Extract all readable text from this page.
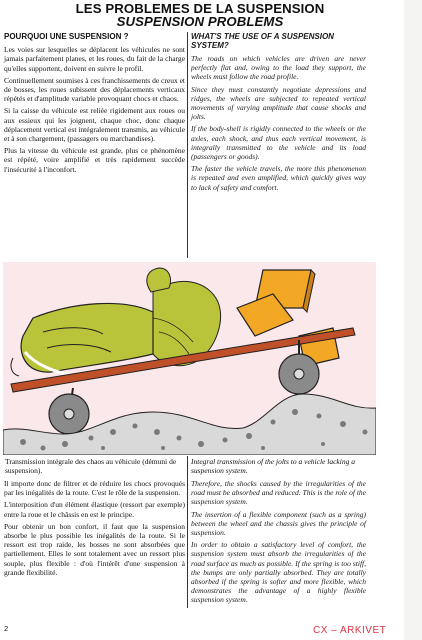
LES PROBLEMES DE LA SUSPENSION
SUSPENSION PROBLEMS
POURQUOI UNE SUSPENSION ?

Les voies sur lesquelles se déplacent les véhicules ne sont jamais parfaitement planes, et les roues, du fait de la charge qu'elles supportent, doivent en suivre le profil.

Continuellement soumises à ces franchissements de creux et de bosses, les roues subissent des déplacements verticaux répétés et d'amplitude variable provoquant chocs et chaos.

Si la caisse du véhicule est reliée rigidement aux roues ou aux essieux qui les joignent, chaque choc, donc chaque déplacement vertical est intégralement transmis, au véhicule et à son chargement, (passagers ou marchandises).

Plus la vitesse du véhicule est grande, plus ce phénomène est répété, voire amplifié et très rapidement succède l'insécurité à l'inconfort.

WHAT'S THE USE OF A SUSPENSION SYSTEM?

The roads on which vehicles are driven are never perfectly flat and, owing to the load they support, the wheels must follow the road profile.

Since they must constantly negotiate depressions and ridges, the wheels are subjected to repeated vertical movements of varying amplitude that cause shocks and jolts.

If the body-shell is rigidly connected to the wheels or the axles, each shock, and thus each vertical movement, is integrally transmitted to the vehicle and its load (passengers or goods).

The faster the vehicle travels, the more this phenomenon is repeated and even amplified, which quickly gives way to lack of safety and comfort.

Transmission intégrale des chaos au véhicule (démuni de suspension).
Integral transmission of the jolts to a vehicle lacking a suspension system.

Il importe donc de filtrer et de réduire les chocs provoqués par les inégalités de la route. C'est le rôle de la suspension.

L'interposition d'un élément élastique (ressort par exemple) entre la roue et le châssis en est le principe.

Pour obtenir un bon confort, il faut que la suspension absorbe le plus possible les inégalités de la route. Si le ressort est trop raide, les bosses ne sont absorbées que partiellement. Elles le sont totalement avec un ressort plus souple, plus flexible : d'où l'intérêt d'une suspension à grande flexibilité.

Therefore, the shocks caused by the irregularities of the road must be absorbed and reduced. This is the role of the suspension system.

The insertion of a flexible component (such as a spring) between the wheel and the chassis gives the principle of suspension.

In order to obtain a satisfactory level of comfort, the suspension system must absorb the irregularities of the road surface as much as possible. If the spring is too stiff, the bumps are only partially absorbed. They are totally absorbed if the spring is softer and more flexible, which demonstrates the advantage of a highly flexible suspension system.

2	CX – ARKIVET
